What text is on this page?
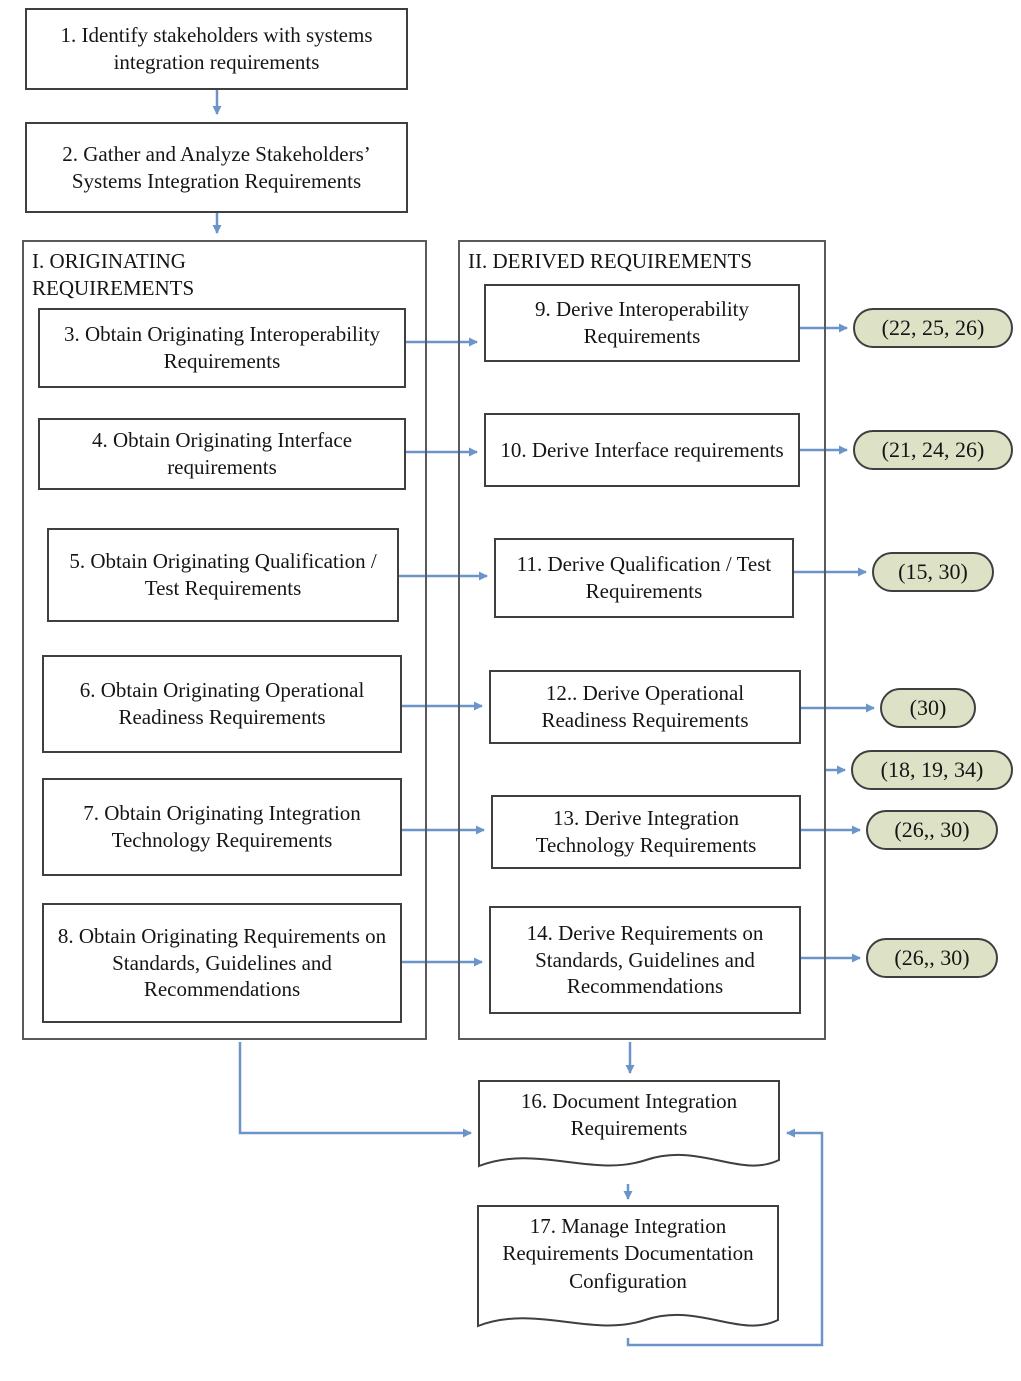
1. Identify stakeholders with systems integration requirements
2. Gather and Analyze Stakeholders’ Systems Integration Requirements
I. ORIGINATING REQUIREMENTS
3. Obtain Originating Interoperability Requirements
4. Obtain Originating Interface requirements
5. Obtain Originating Qualification / Test Requirements
6. Obtain Originating Operational Readiness Requirements
7. Obtain Originating Integration Technology Requirements
8. Obtain Originating Requirements on Standards, Guidelines and Recommendations
II. DERIVED REQUIREMENTS
9. Derive Interoperability Requirements
10. Derive Interface requirements
11. Derive Qualification / Test Requirements
12.. Derive Operational Readiness Requirements
13. Derive Integration Technology Requirements
14. Derive Requirements on Standards, Guidelines and Recommendations
(22, 25, 26)
(21, 24, 26)
(15, 30)
(30)
(18, 19, 34)
(26,, 30)
(26,, 30)
16. Document Integration Requirements
17. Manage Integration Requirements Documentation Configuration
